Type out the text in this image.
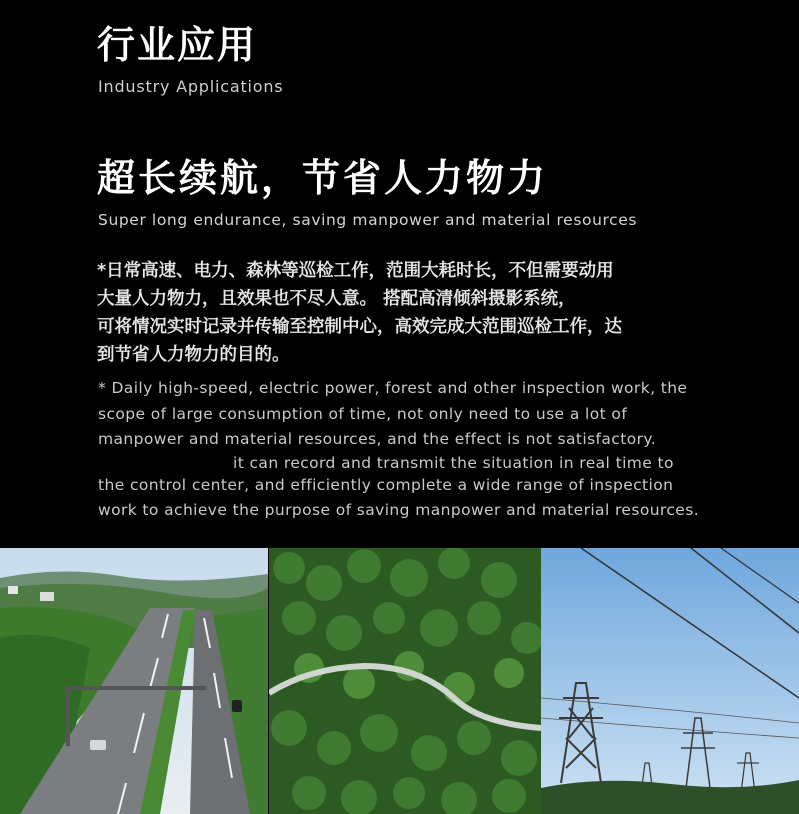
行业应用

Industry Applications

超长续航，节省人力物力

Super long endurance, saving manpower and material resources

*日常高速、电力、森林等巡检工作，范围大耗时长，不但需要动用
大量人力物力，且效果也不尽人意。 搭配高清倾斜摄影系统，
可将情况实时记录并传输至控制中心，高效完成大范围巡检工作，达
到节省人力物力的目的。

* Daily high-speed, electric power, forest and other inspection work, the
scope of large consumption of time, not only need to use a lot of
manpower and material resources, and the effect is not satisfactory.
it can record and transmit the situation in real time to
the control center, and efficiently complete a wide range of inspection
work to achieve the purpose of saving manpower and material resources.
